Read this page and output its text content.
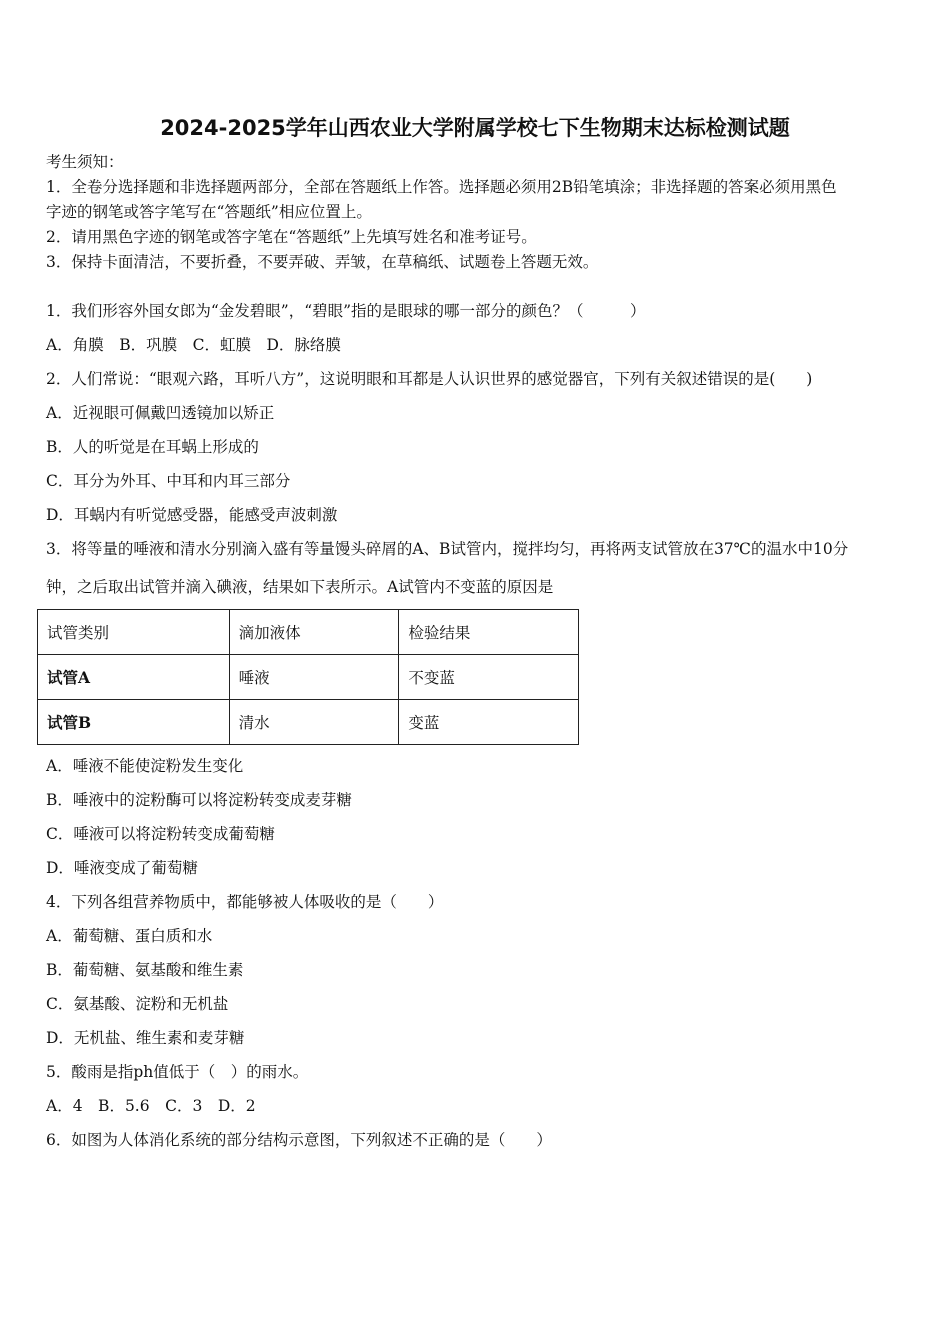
2024-2025学年山西农业大学附属学校七下生物期末达标检测试题
考生须知：
1．全卷分选择题和非选择题两部分，全部在答题纸上作答。选择题必须用2B铅笔填涂；非选择题的答案必须用黑色
字迹的钢笔或答字笔写在“答题纸”相应位置上。
2．请用黑色字迹的钢笔或答字笔在“答题纸”上先填写姓名和准考证号。
3．保持卡面清洁，不要折叠，不要弄破、弄皱，在草稿纸、试题卷上答题无效。
1．我们形容外国女郎为“金发碧眼”，“碧眼”指的是眼球的哪一部分的颜色？（　　　）
A．角膜　B．巩膜　C．虹膜　D．脉络膜
2．人们常说：“眼观六路，耳听八方”，这说明眼和耳都是人认识世界的感觉器官，下列有关叙述错误的是(　　)
A．近视眼可佩戴凹透镜加以矫正
B．人的听觉是在耳蜗上形成的
C．耳分为外耳、中耳和内耳三部分
D．耳蜗内有听觉感受器，能感受声波刺激
3．将等量的唾液和清水分别滴入盛有等量馒头碎屑的A、B试管内，搅拌均匀，再将两支试管放在37℃的温水中10分
钟，之后取出试管并滴入碘液，结果如下表所示。A试管内不变蓝的原因是
试管类别	滴加液体	检验结果
试管A	唾液	不变蓝
试管B	清水	变蓝
A．唾液不能使淀粉发生变化
B．唾液中的淀粉酶可以将淀粉转变成麦芽糖
C．唾液可以将淀粉转变成葡萄糖
D．唾液变成了葡萄糖
4．下列各组营养物质中，都能够被人体吸收的是（　　）
A．葡萄糖、蛋白质和水
B．葡萄糖、氨基酸和维生素
C．氨基酸、淀粉和无机盐
D．无机盐、维生素和麦芽糖
5．酸雨是指ph值低于（　）的雨水。
A．4　B．5.6　C．3　D．2
6．如图为人体消化系统的部分结构示意图，下列叙述不正确的是（　　）
